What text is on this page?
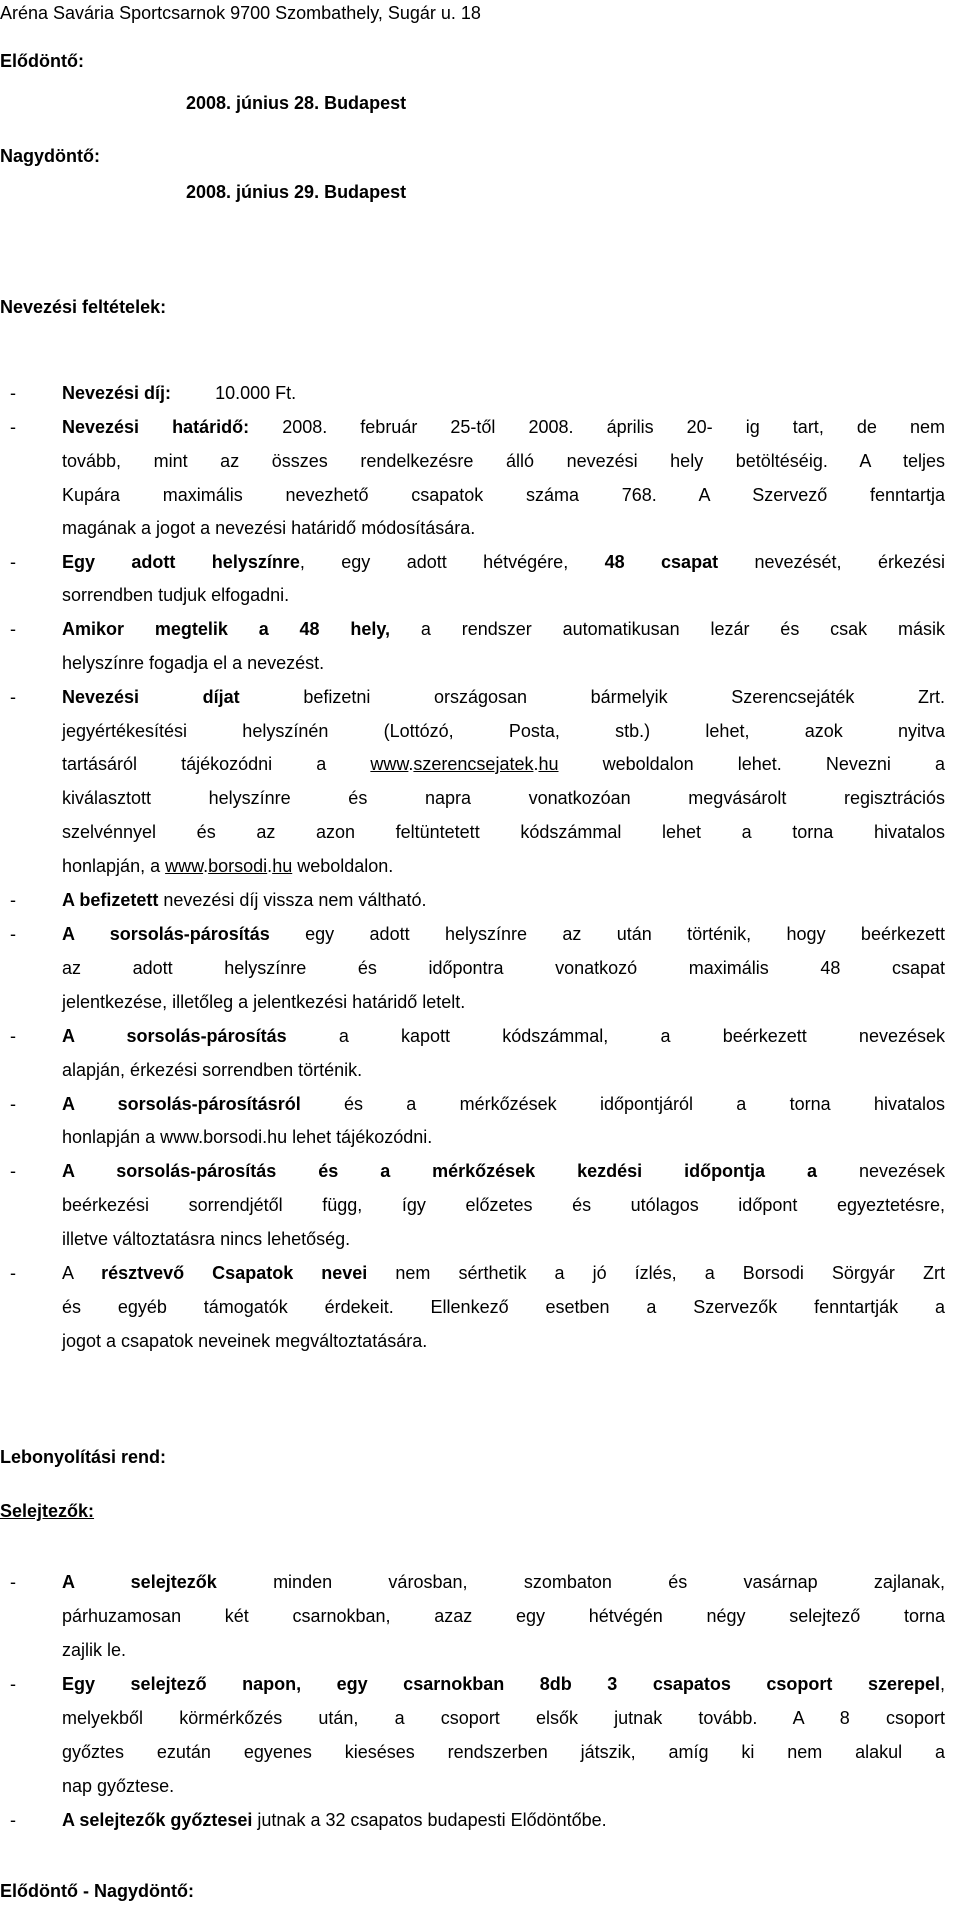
Aréna Savária Sportcsarnok 9700 Szombathely, Sugár u. 18
Elődöntő:
2008. június 28. Budapest
Nagydöntő:
2008. június 29. Budapest
Nevezési feltételek:
-	Nevezési díj: 10.000 Ft.
-	Nevezési határidő: 2008. február 25-től 2008. április 20- ig tart, de nem
tovább, mint az összes rendelkezésre álló nevezési hely betöltéséig. A teljes
Kupára maximális nevezhető csapatok száma 768. A Szervező fenntartja
magának a jogot a nevezési határidő módosítására.
-	Egy adott helyszínre, egy adott hétvégére, 48 csapat nevezését, érkezési
sorrendben tudjuk elfogadni.
-	Amikor megtelik a 48 hely, a rendszer automatikusan lezár és csak másik
helyszínre fogadja el a nevezést.
-	Nevezési díjat	befizetni országosan bármelyik Szerencsejáték Zrt.
jegyértékesítési helyszínén (Lottózó, Posta, stb.) lehet, azok nyitva
tartásáról tájékozódni a www.szerencsejatek.hu weboldalon lehet. Nevezni a
kiválasztott helyszínre és napra vonatkozóan megvásárolt regisztrációs
szelvénnyel és az azon feltüntetett kódszámmal lehet a torna hivatalos
honlapján, a www.borsodi.hu weboldalon.
-	A befizetett nevezési díj vissza nem váltható.
-	A sorsolás-párosítás egy adott helyszínre az után történik, hogy beérkezett
az adott helyszínre és időpontra vonatkozó maximális 48 csapat
jelentkezése, illetőleg a jelentkezési határidő letelt.
-	A sorsolás-párosítás	a kapott kódszámmal, a beérkezett nevezések
alapján, érkezési sorrendben történik.
-	A sorsolás-párosításról és a mérkőzések időpontjáról a torna hivatalos
honlapján a www.borsodi.hu lehet tájékozódni.
-	A sorsolás-párosítás és a mérkőzések kezdési időpontja a nevezések
beérkezési sorrendjétől függ, így előzetes és utólagos időpont egyeztetésre,
illetve változtatásra nincs lehetőség.
-	A résztvevő Csapatok nevei nem sérthetik a jó ízlés, a Borsodi Sörgyár Zrt
és egyéb támogatók érdekeit. Ellenkező esetben a Szervezők fenntartják a
jogot a csapatok neveinek megváltoztatására.
Lebonyolítási rend:
Selejtezők:
-	A selejtezők	minden városban, szombaton és vasárnap zajlanak,
párhuzamosan két csarnokban, azaz egy hétvégén négy selejtező torna
zajlik le.
-	Egy selejtező napon, egy csarnokban 8db 3 csapatos csoport szerepel,
melyekből körmérkőzés után, a csoport elsők jutnak tovább. A 8 csoport
győztes ezután egyenes kieséses rendszerben játszik, amíg ki nem alakul a
nap győztese.
-	A selejtezők győztesei jutnak a 32 csapatos budapesti Elődöntőbe.
Elődöntő - Nagydöntő:
